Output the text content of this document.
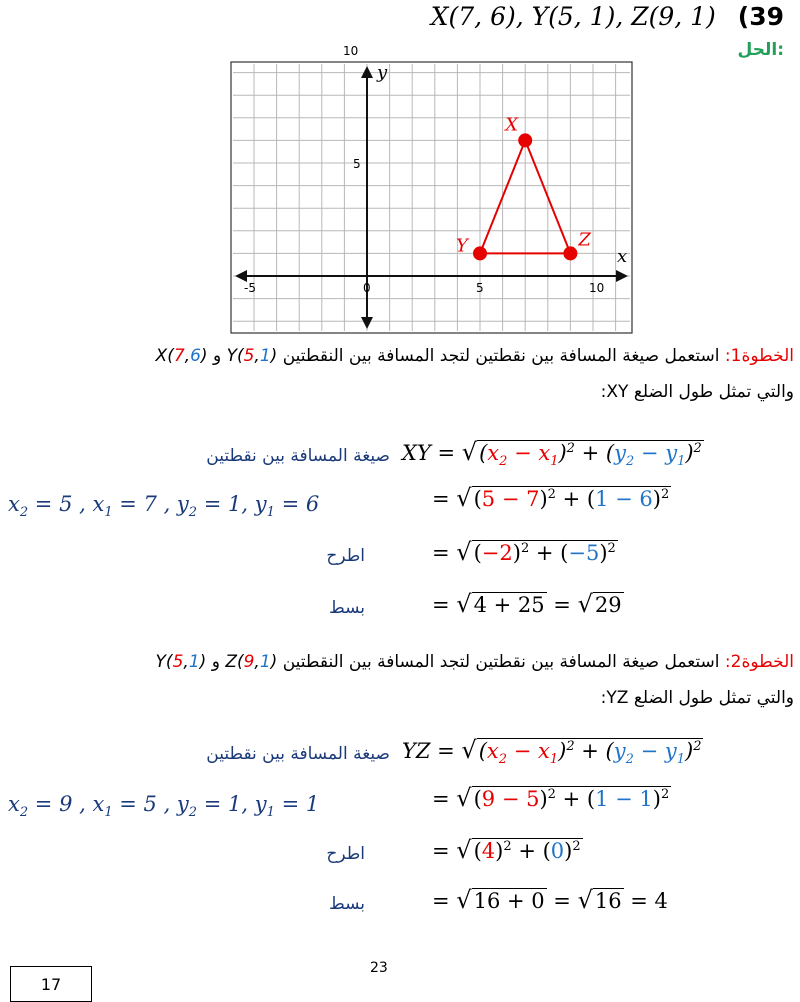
X(7, 6), Y(5, 1), Z(9, 1) (39
الحل:
x
y
-5	0	5	10
10
5
X
Y	Z
الخطوة1: استعمل صيغة المسافة بين نقطتين لتجد المسافة بين النقطتين Y(5,1) و X(7,6)
والتي تمثل طول الضلع XY:
صيغة المسافة بين نقطتين XY = $√(x_2 - x_1)^2 + (y_2 - y_1)^2$
$x_2 = 5$ , $x_1 = 7$ , $y_2 = 1$, $y_1 = 6$	= $√(5 - 7)^2 + (1 - 6)^2$
اطرح	= $√(-2)^2 + (-5)^2$
بسط	= √4 + 25 = √29
الخطوة2: استعمل صيغة المسافة بين نقطتين لتجد المسافة بين النقطتين Z(9,1) و Y(5,1)
والتي تمثل طول الضلع YZ:
صيغة المسافة بين نقطتين YZ = $√(x_2 - x_1)^2 + (y_2 - y_1)^2$
$x_2 = 9$ , $x_1 = 5$ , $y_2 = 1$, $y_1 = 1$	= $√(9 - 5)^2 + (1 - 1)^2$
اطرح	= $√(4)^2 + (0)^2$
بسط	= √16 + 0 = √16 = 4
23
17
